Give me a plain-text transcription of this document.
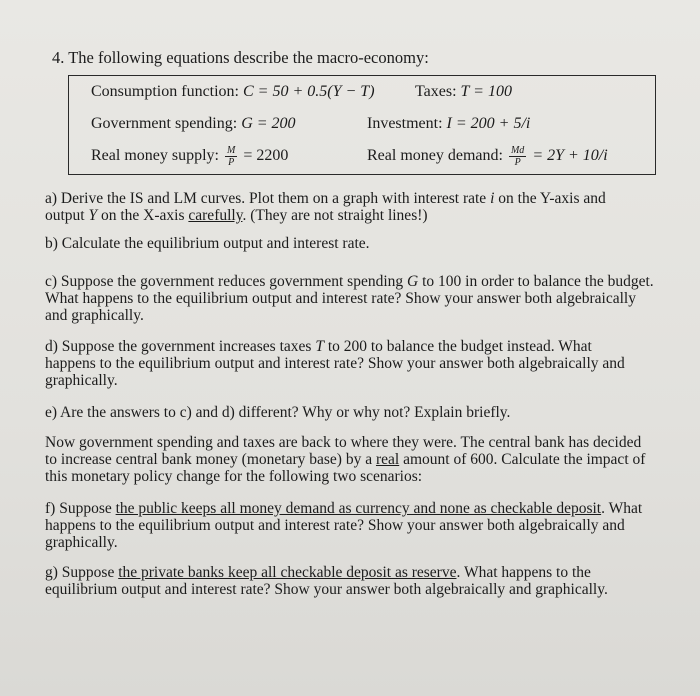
4. The following equations describe the macro-economy:
Consumption function: C = 50 + 0.5(Y − T)	Taxes: T = 100
Government spending: G = 200	Investment: I = 200 + 5/i
Real money supply: $\frac{M}{P} = 2200$	Real money demand: $\frac{Md}{P} = 2Y + 10/i$
a) Derive the IS and LM curves. Plot them on a graph with interest rate i on the Y-axis and
output Y on the X-axis carefully. (They are not straight lines!)
b) Calculate the equilibrium output and interest rate.
c) Suppose the government reduces government spending G to 100 in order to balance the budget.
What happens to the equilibrium output and interest rate? Show your answer both algebraically
and graphically.
d) Suppose the government increases taxes T to 200 to balance the budget instead. What
happens to the equilibrium output and interest rate? Show your answer both algebraically and
graphically.
e) Are the answers to c) and d) different? Why or why not? Explain briefly.
Now government spending and taxes are back to where they were. The central bank has decided
to increase central bank money (monetary base) by a real amount of 600. Calculate the impact of
this monetary policy change for the following two scenarios:
f) Suppose the public keeps all money demand as currency and none as checkable deposit. What
happens to the equilibrium output and interest rate? Show your answer both algebraically and
graphically.
g) Suppose the private banks keep all checkable deposit as reserve. What happens to the
equilibrium output and interest rate? Show your answer both algebraically and graphically.
